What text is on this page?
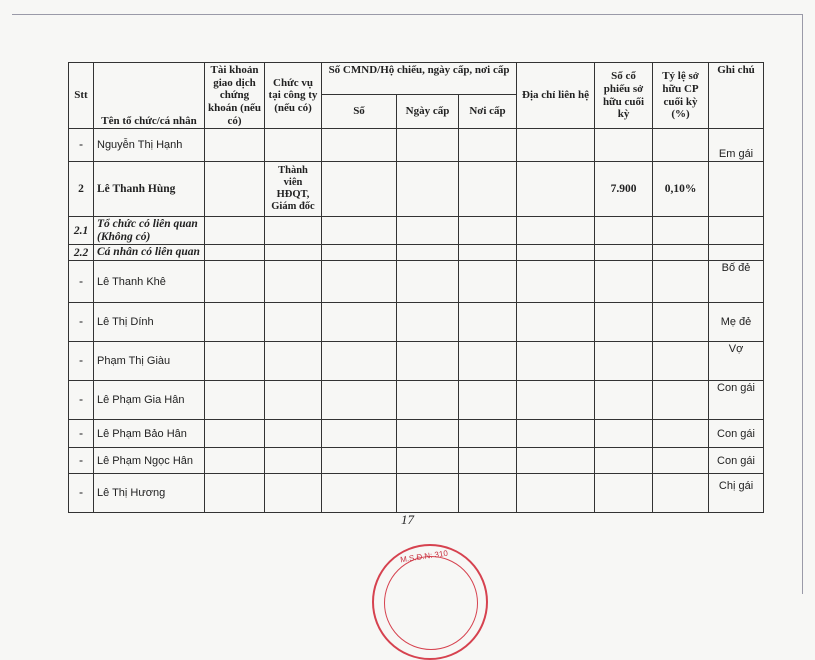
Stt	Tên tổ chức/cá nhân	Tài khoản giao dịch chứng khoán (nếu có)	Chức vụ tại công ty (nếu có)	Số CMND/Hộ chiếu, ngày cấp, nơi cấp			Địa chỉ liên hệ	Số cổ phiếu sở hữu cuối kỳ	Tỷ lệ sở hữu CP cuối kỳ (%)	Ghi chú
				Số	Ngày cấp	Nơi cấp				
-	Nguyễn Thị Hạnh									Em gái
2	Lê Thanh Hùng		Thành viên HĐQT, Giám đốc					7.900	0,10%	
2.1	Tổ chức có liên quan (Không có)									
2.2	Cá nhân có liên quan									
-	Lê Thanh Khê									Bố đẻ
-	Lê Thị Dính									Mẹ đẻ
-	Phạm Thị Giàu									Vợ
-	Lê Phạm Gia Hân									Con gái
-	Lê Phạm Bảo Hân									Con gái
-	Lê Phạm Ngọc Hân									Con gái
-	Lê Thị Hương									Chị gái
17
M.S.Đ.N: 310
